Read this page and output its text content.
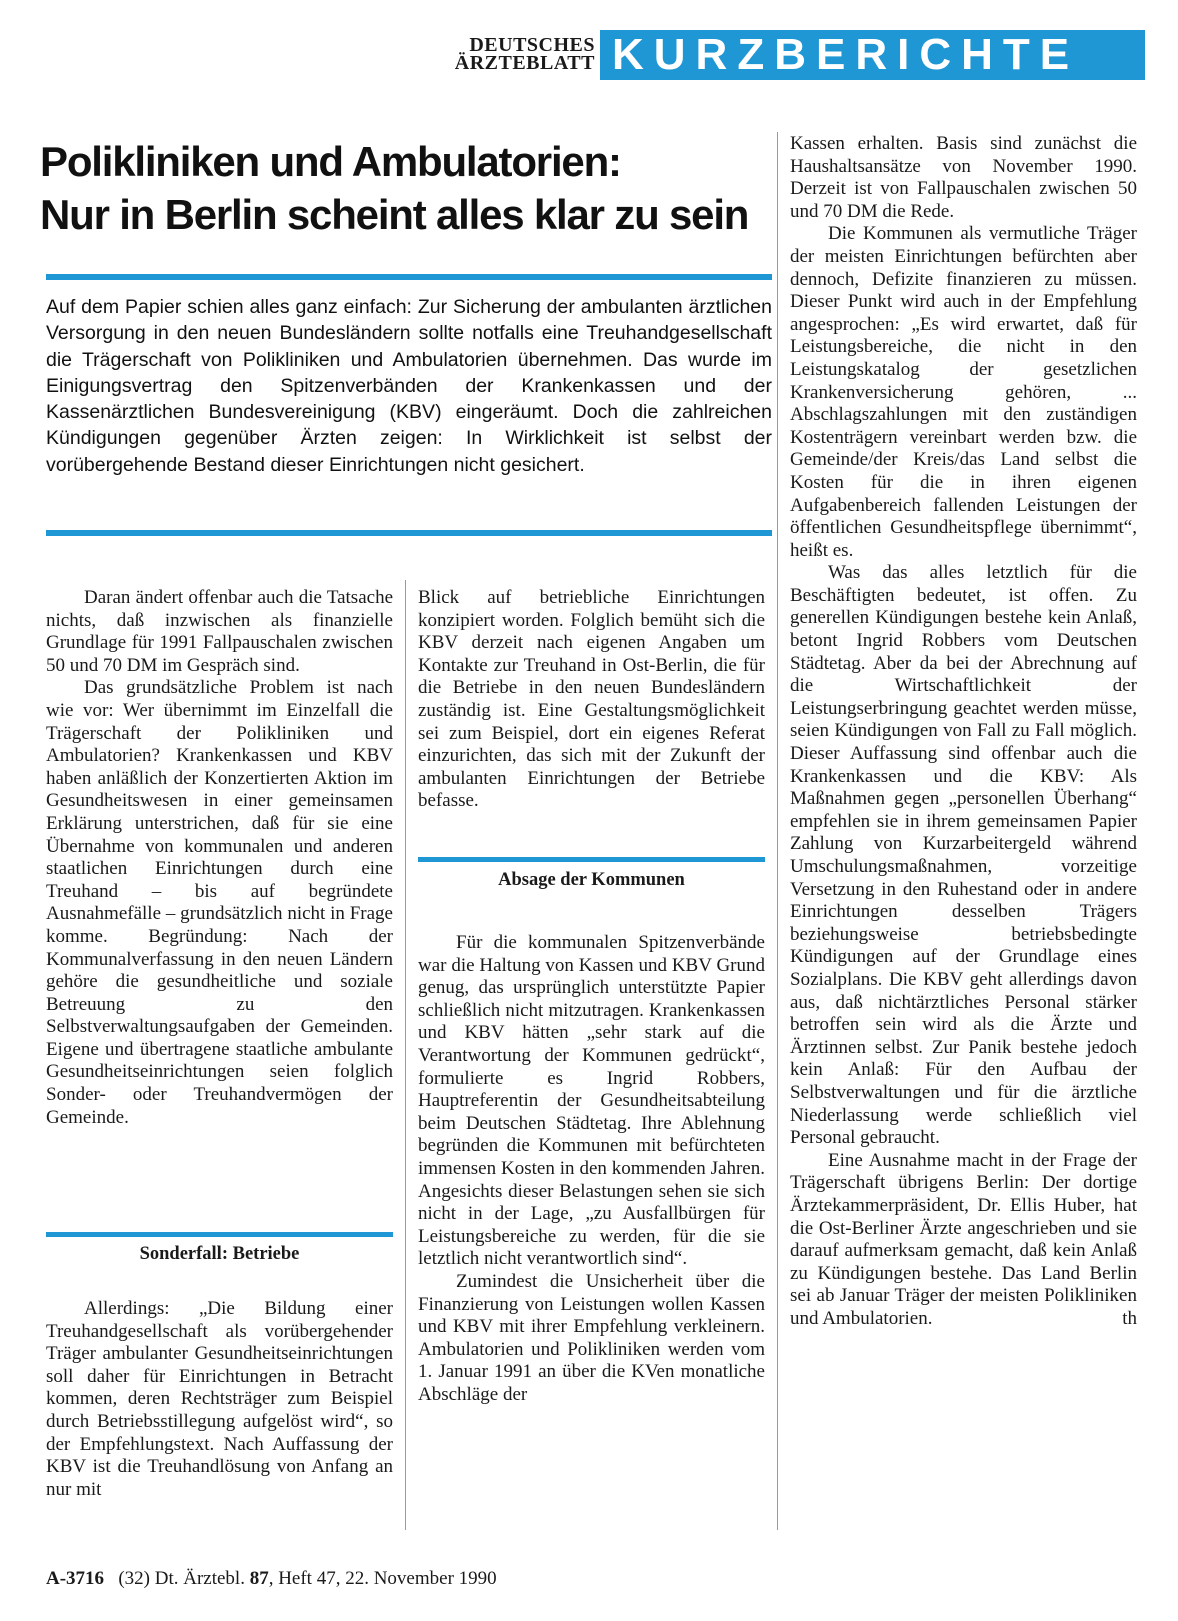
DEUTSCHES
ÄRZTEBLATT KURZBERICHTE
Polikliniken und Ambulatorien:
Nur in Berlin scheint alles klar zu sein
Auf dem Papier schien alles ganz einfach: Zur Sicherung der ambulanten ärztlichen Versorgung in den neuen Bundesländern sollte notfalls eine Treuhandgesellschaft die Trägerschaft von Polikliniken und Ambulatorien übernehmen. Das wurde im Einigungsvertrag den Spitzenverbänden der Krankenkassen und der Kassenärztlichen Bundesvereinigung (KBV) eingeräumt. Doch die zahlreichen Kündigungen gegenüber Ärzten zeigen: In Wirklichkeit ist selbst der vorübergehende Bestand dieser Einrichtungen nicht gesichert.

Daran ändert offenbar auch die Tatsache nichts, daß inzwischen als finanzielle Grundlage für 1991 Fallpauschalen zwischen 50 und 70 DM im Gespräch sind.

Das grundsätzliche Problem ist nach wie vor: Wer übernimmt im Einzelfall die Trägerschaft der Polikliniken und Ambulatorien? Krankenkassen und KBV haben anläßlich der Konzertierten Aktion im Gesundheitswesen in einer gemeinsamen Erklärung unterstrichen, daß für sie eine Übernahme von kommunalen und anderen staatlichen Einrichtungen durch eine Treuhand – bis auf begründete Ausnahmefälle – grundsätzlich nicht in Frage komme. Begründung: Nach der Kommunalverfassung in den neuen Ländern gehöre die gesundheitliche und soziale Betreuung zu den Selbstverwaltungsaufgaben der Gemeinden. Eigene und übertragene staatliche ambulante Gesundheitseinrichtungen seien folglich Sonder- oder Treuhandvermögen der Gemeinde.

Sonderfall: Betriebe

Allerdings: „Die Bildung einer Treuhandgesellschaft als vorübergehender Träger ambulanter Gesundheitseinrichtungen soll daher für Einrichtungen in Betracht kommen, deren Rechtsträger zum Beispiel durch Betriebsstillegung aufgelöst wird“, so der Empfehlungstext. Nach Auffassung der KBV ist die Treuhandlösung von Anfang an nur mit

Blick auf betriebliche Einrichtungen konzipiert worden. Folglich bemüht sich die KBV derzeit nach eigenen Angaben um Kontakte zur Treuhand in Ost-Berlin, die für die Betriebe in den neuen Bundesländern zuständig ist. Eine Gestaltungsmöglichkeit sei zum Beispiel, dort ein eigenes Referat einzurichten, das sich mit der Zukunft der ambulanten Einrichtungen der Betriebe befasse.

Absage der Kommunen

Für die kommunalen Spitzenverbände war die Haltung von Kassen und KBV Grund genug, das ursprünglich unterstützte Papier schließlich nicht mitzutragen. Krankenkassen und KBV hätten „sehr stark auf die Verantwortung der Kommunen gedrückt“, formulierte es Ingrid Robbers, Hauptreferentin der Gesundheitsabteilung beim Deutschen Städtetag. Ihre Ablehnung begründen die Kommunen mit befürchteten immensen Kosten in den kommenden Jahren. Angesichts dieser Belastungen sehen sie sich nicht in der Lage, „zu Ausfallbürgen für Leistungsbereiche zu werden, für die sie letztlich nicht verantwortlich sind“.

Zumindest die Unsicherheit über die Finanzierung von Leistungen wollen Kassen und KBV mit ihrer Empfehlung verkleinern. Ambulatorien und Polikliniken werden vom 1. Januar 1991 an über die KVen monatliche Abschläge der

Kassen erhalten. Basis sind zunächst die Haushaltsansätze von November 1990. Derzeit ist von Fallpauschalen zwischen 50 und 70 DM die Rede.

Die Kommunen als vermutliche Träger der meisten Einrichtungen befürchten aber dennoch, Defizite finanzieren zu müssen. Dieser Punkt wird auch in der Empfehlung angesprochen: „Es wird erwartet, daß für Leistungsbereiche, die nicht in den Leistungskatalog der gesetzlichen Krankenversicherung gehören, ... Abschlagszahlungen mit den zuständigen Kostenträgern vereinbart werden bzw. die Gemeinde/der Kreis/das Land selbst die Kosten für die in ihren eigenen Aufgabenbereich fallenden Leistungen der öffentlichen Gesundheitspflege übernimmt“, heißt es.

Was das alles letztlich für die Beschäftigten bedeutet, ist offen. Zu generellen Kündigungen bestehe kein Anlaß, betont Ingrid Robbers vom Deutschen Städtetag. Aber da bei der Abrechnung auf die Wirtschaftlichkeit der Leistungserbringung geachtet werden müsse, seien Kündigungen von Fall zu Fall möglich. Dieser Auffassung sind offenbar auch die Krankenkassen und die KBV: Als Maßnahmen gegen „personellen Überhang“ empfehlen sie in ihrem gemeinsamen Papier Zahlung von Kurzarbeitergeld während Umschulungsmaßnahmen, vorzeitige Versetzung in den Ruhestand oder in andere Einrichtungen desselben Trägers beziehungsweise betriebsbedingte Kündigungen auf der Grundlage eines Sozialplans. Die KBV geht allerdings davon aus, daß nichtärztliches Personal stärker betroffen sein wird als die Ärzte und Ärztinnen selbst. Zur Panik bestehe jedoch kein Anlaß: Für den Aufbau der Selbstverwaltungen und für die ärztliche Niederlassung werde schließlich viel Personal gebraucht.

Eine Ausnahme macht in der Frage der Trägerschaft übrigens Berlin: Der dortige Ärztekammerpräsident, Dr. Ellis Huber, hat die Ost-Berliner Ärzte angeschrieben und sie darauf aufmerksam gemacht, daß kein Anlaß zu Kündigungen bestehe. Das Land Berlin sei ab Januar Träger der meisten Polikliniken und Ambulatorien.	th

A-3716 (32) Dt. Ärztebl. 87, Heft 47, 22. November 1990
